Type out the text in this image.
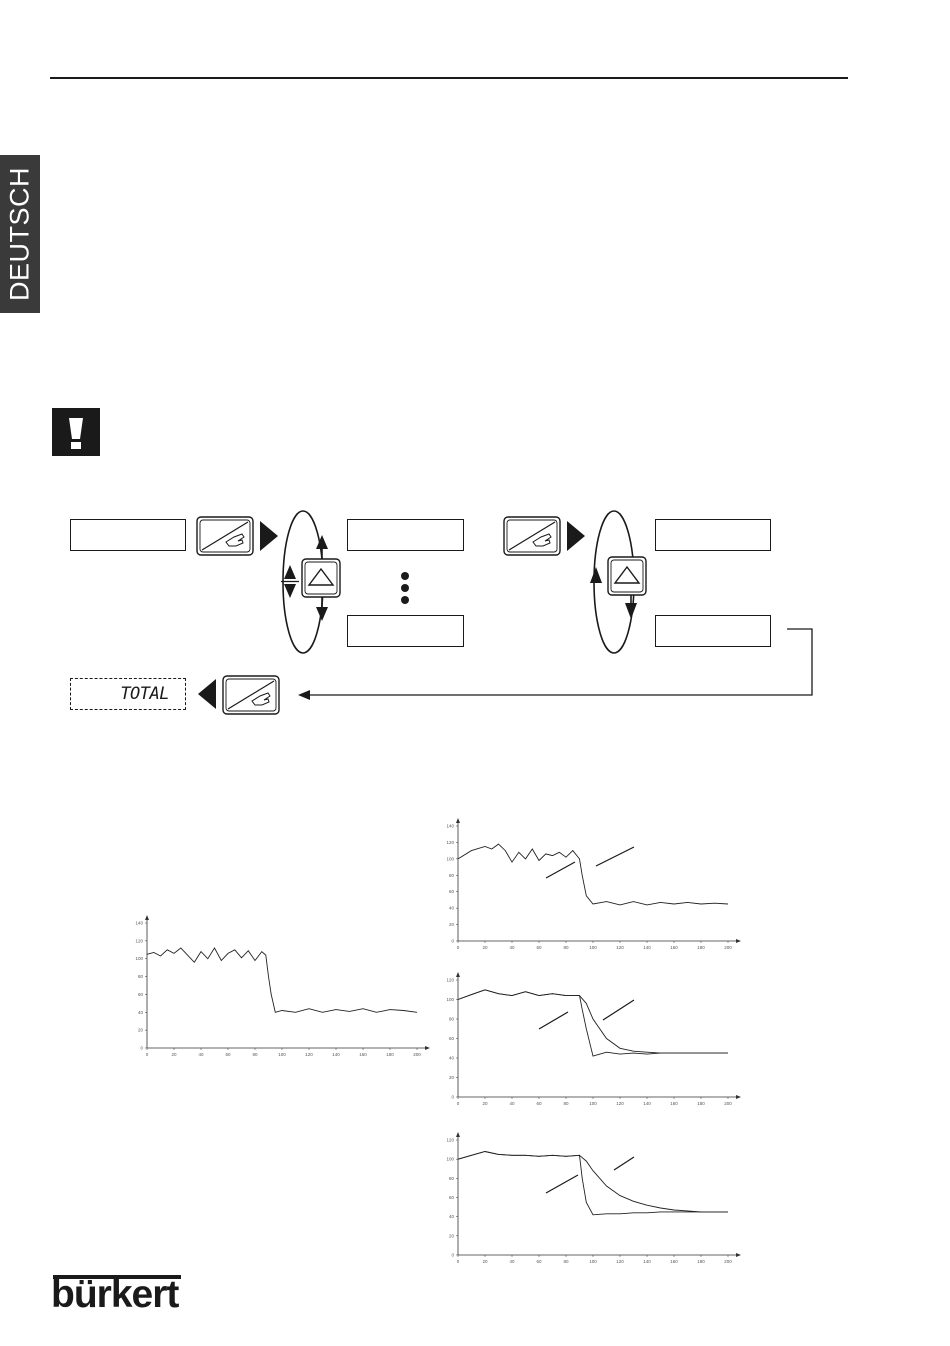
DEUTSCH
TOTAL
0	20	40	60	80	100	120	140	160	180	200
0
20
40
60
80
100
120
140
0	20	40	60	80	100	120	140	160	180	200
0
20
40
60
80
100
120
140
0	20	40	60	80	100	120	140	160	180	200
0
20
40
60
80
100
120
0	20	40	60	80	100	120	140	160	180	200
0
20
40
60
80
100
120
bürkert
